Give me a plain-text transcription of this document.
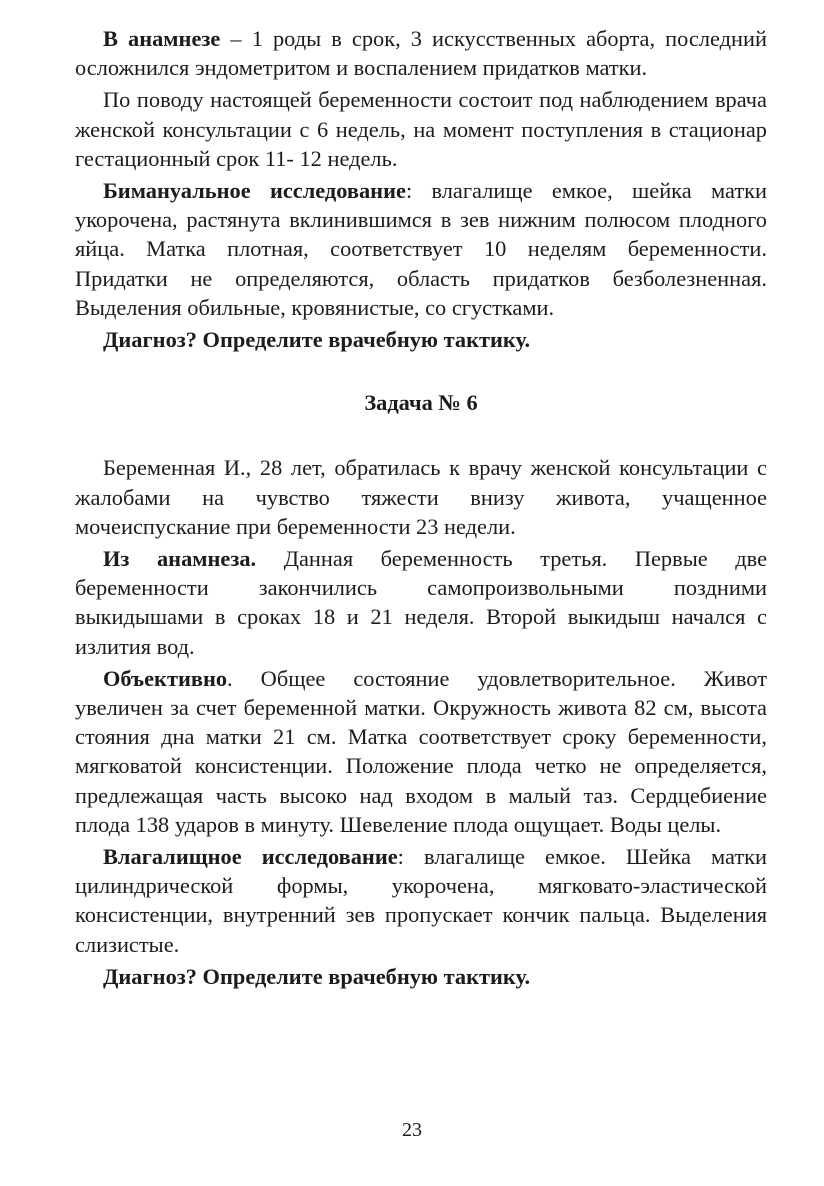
В анамнезе – 1 роды в срок, 3 искусственных аборта, последний осложнился эндометритом и воспалением придатков матки.

По поводу настоящей беременности состоит под наблюдением врача женской консультации с 6 недель, на момент поступления в стационар гестационный срок 11- 12 недель.

Бимануальное исследование: влагалище емкое, шейка матки укорочена, растянута вклинившимся в зев нижним полюсом плодного яйца. Матка плотная, соответствует 10 неделям беременности. Придатки не определяются, область придатков безболезненная. Выделения обильные, кровянистые, со сгустками.

Диагноз? Определите врачебную тактику.

Задача № 6

Беременная И., 28 лет, обратилась к врачу женской консультации с жалобами на чувство тяжести внизу живота, учащенное мочеиспускание при беременности 23 недели.

Из анамнеза. Данная беременность третья. Первые две беременности закончились самопроизвольными поздними выкидышами в сроках 18 и 21 неделя. Второй выкидыш начался с излития вод.

Объективно. Общее состояние удовлетворительное. Живот увеличен за счет беременной матки. Окружность живота 82 см, высота стояния дна матки 21 см. Матка соответствует сроку беременности, мягковатой консистенции. Положение плода четко не определяется, предлежащая часть высоко над входом в малый таз. Сердцебиение плода 138 ударов в минуту. Шевеление плода ощущает. Воды целы.

Влагалищное исследование: влагалище емкое. Шейка матки цилиндрической формы, укорочена, мягковато-эластической консистенции, внутренний зев пропускает кончик пальца. Выделения слизистые.

Диагноз? Определите врачебную тактику.

23
